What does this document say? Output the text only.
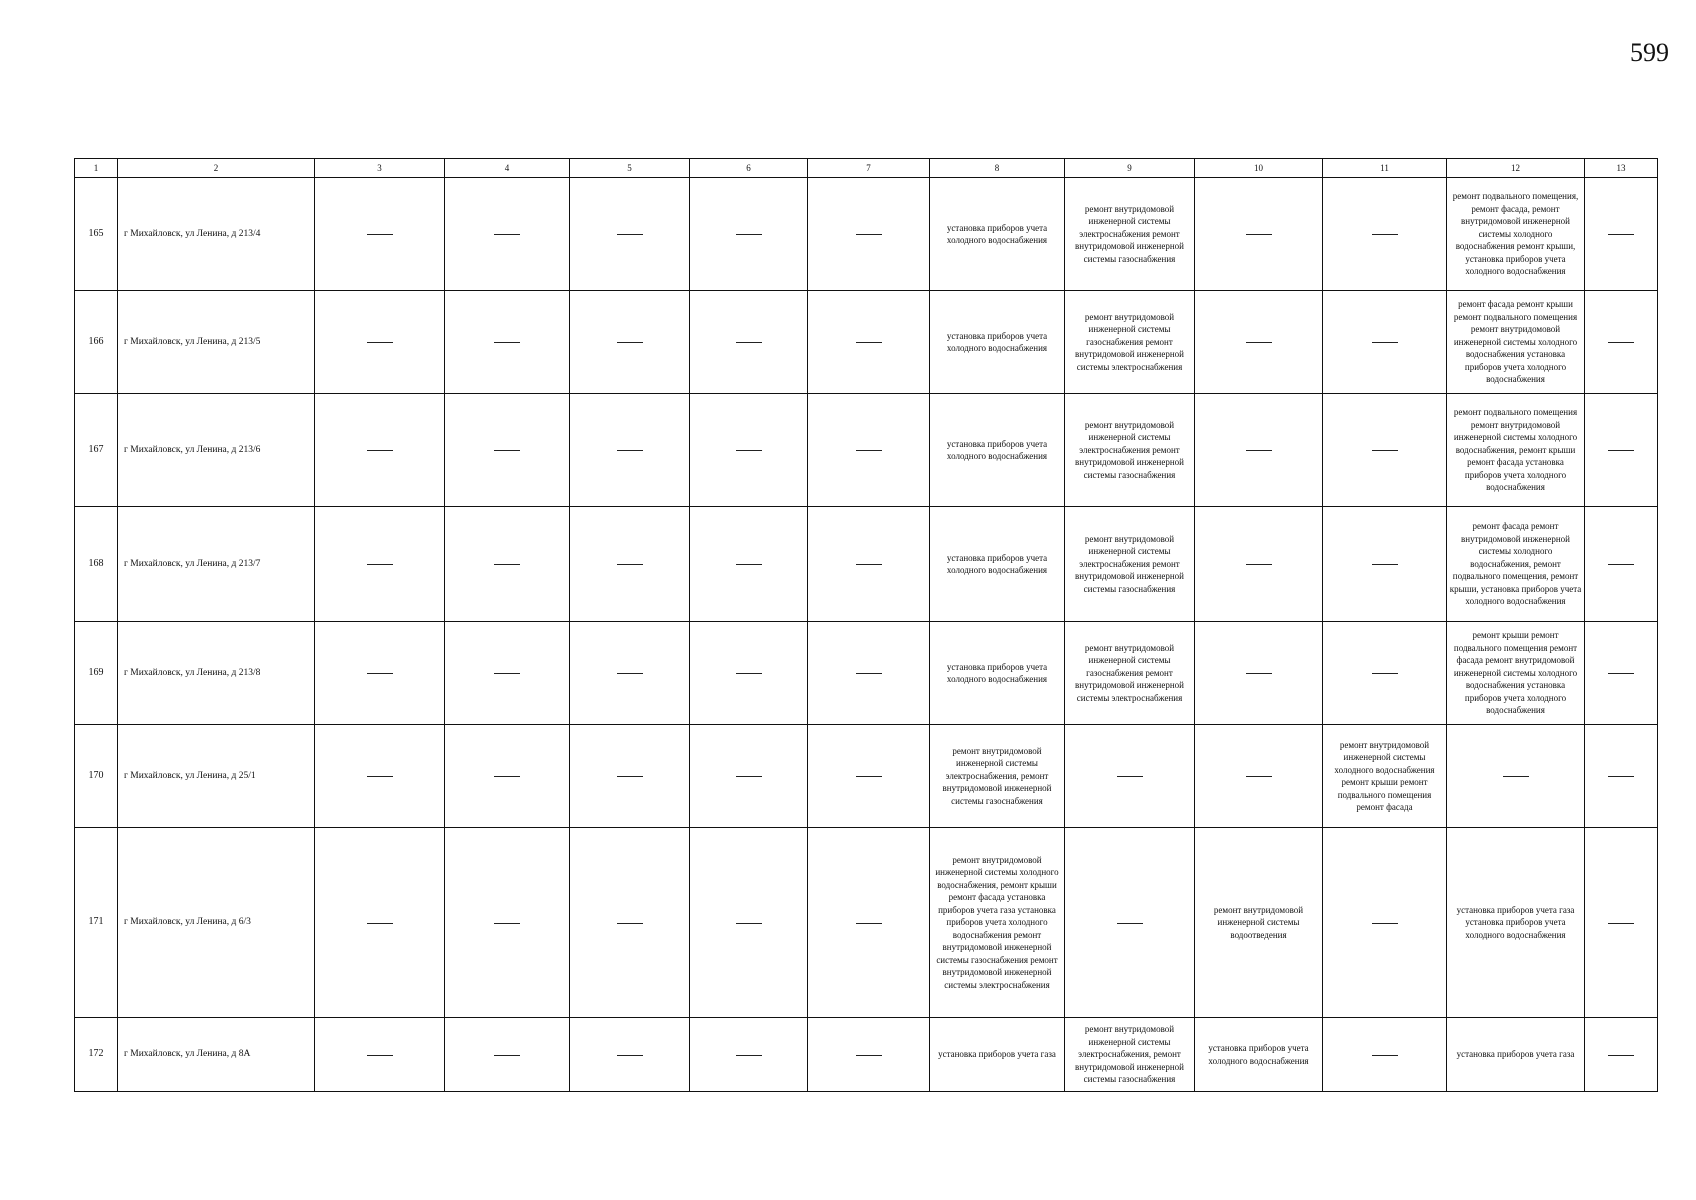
599
1	2	3	4	5	6	7	8	9	10	11	12	13
165	г Михайловск, ул Ленина, д 213/4						установка приборов учета холодного водоснабжения	ремонт внутридомовой инженерной системы электроснабжения ремонт внутридомовой инженерной системы газоснабжения			ремонт подвального помещения, ремонт фасада, ремонт внутридомовой инженерной системы холодного водоснабжения ремонт крыши, установка приборов учета холодного водоснабжения	
166	г Михайловск, ул Ленина, д 213/5						установка приборов учета холодного водоснабжения	ремонт внутридомовой инженерной системы газоснабжения ремонт внутридомовой инженерной системы электроснабжения			ремонт фасада ремонт крыши ремонт подвального помещения ремонт внутридомовой инженерной системы холодного водоснабжения установка приборов учета холодного водоснабжения	
167	г Михайловск, ул Ленина, д 213/6						установка приборов учета холодного водоснабжения	ремонт внутридомовой инженерной системы электроснабжения ремонт внутридомовой инженерной системы газоснабжения			ремонт подвального помещения ремонт внутридомовой инженерной системы холодного водоснабжения, ремонт крыши ремонт фасада установка приборов учета холодного водоснабжения	
168	г Михайловск, ул Ленина, д 213/7						установка приборов учета холодного водоснабжения	ремонт внутридомовой инженерной системы электроснабжения ремонт внутридомовой инженерной системы газоснабжения			ремонт фасада ремонт внутридомовой инженерной системы холодного водоснабжения, ремонт подвального помещения, ремонт крыши, установка приборов учета холодного водоснабжения	
169	г Михайловск, ул Ленина, д 213/8						установка приборов учета холодного водоснабжения	ремонт внутридомовой инженерной системы газоснабжения ремонт внутридомовой инженерной системы электроснабжения			ремонт крыши ремонт подвального помещения ремонт фасада ремонт внутридомовой инженерной системы холодного водоснабжения установка приборов учета холодного водоснабжения	
170	г Михайловск, ул Ленина, д 25/1						ремонт внутридомовой инженерной системы электроснабжения, ремонт внутридомовой инженерной системы газоснабжения			ремонт внутридомовой инженерной системы холодного водоснабжения ремонт крыши ремонт подвального помещения ремонт фасада		
171	г Михайловск, ул Ленина, д 6/3						ремонт внутридомовой инженерной системы холодного водоснабжения, ремонт крыши ремонт фасада установка приборов учета газа установка приборов учета холодного водоснабжения ремонт внутридомовой инженерной системы газоснабжения ремонт внутридомовой инженерной системы электроснабжения		ремонт внутридомовой инженерной системы водоотведения		установка приборов учета газа установка приборов учета холодного водоснабжения	
172	г Михайловск, ул Ленина, д 8А						установка приборов учета газа	ремонт внутридомовой инженерной системы электроснабжения, ремонт внутридомовой инженерной системы газоснабжения	установка приборов учета холодного водоснабжения		установка приборов учета газа	
